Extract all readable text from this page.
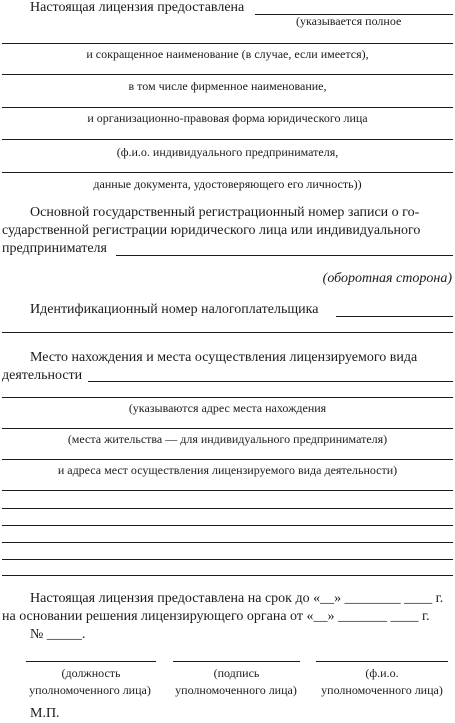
Настоящая лицензия предоставлена
(указывается полное
и сокращенное наименование (в случае, если имеется),
в том числе фирменное наименование,
и организационно-правовая форма юридического лица
(ф.и.о. индивидуального предпринимателя,
данные документа, удостоверяющего его личность))
Основной государственный регистрационный номер записи о го-
сударственной регистрации юридического лица или индивидуального
предпринимателя
(оборотная сторона)
Идентификационный номер налогоплательщика
Место нахождения и места осуществления лицензируемого вида
деятельности
(указываются адрес места нахождения
(места жительства — для индивидуального предпринимателя)
и адреса мест осуществления лицензируемого вида деятельности)
Настоящая лицензия предоставлена на срок до «__» ________ ____ г.
на основании решения лицензирующего органа от «__» _______ ____ г.
№ _____.
(должность
уполномоченного лица)
(подпись
уполномоченного лица)
(ф.и.о.
уполномоченного лица)
М.П.
